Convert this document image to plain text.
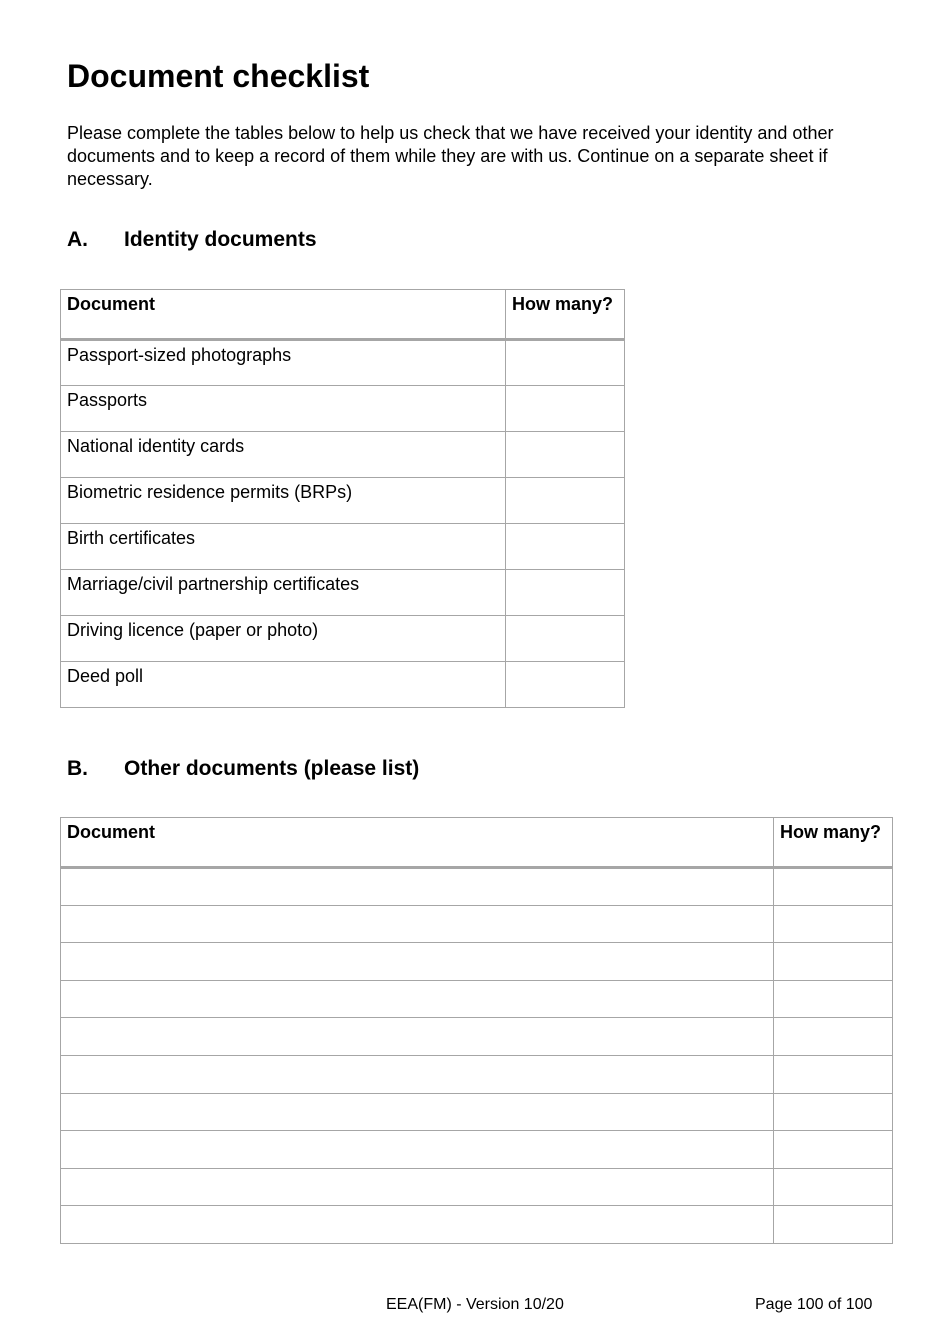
Document checklist

Please complete the tables below to help us check that we have received your identity and other documents and to keep a record of them while they are with us. Continue on a separate sheet if necessary.

A. Identity documents
Document	How many?
Passport-sized photographs	
Passports	
National identity cards	
Biometric residence permits (BRPs)	
Birth certificates	
Marriage/civil partnership certificates	
Driving licence (paper or photo)	
Deed poll	
B. Other documents (please list)
Document	How many?

EEA(FM) - Version 10/20	Page 100 of 100
